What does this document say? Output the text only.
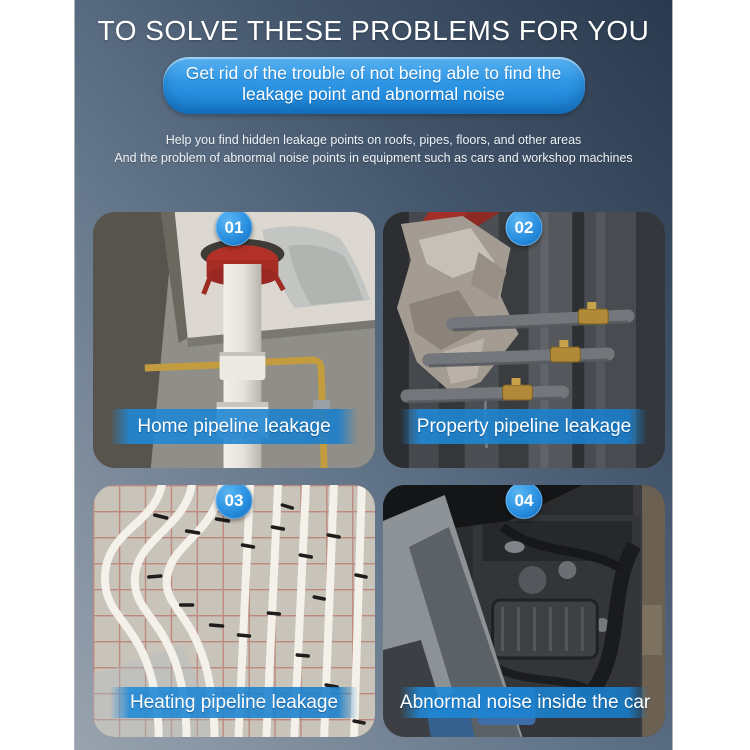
TO SOLVE THESE PROBLEMS FOR YOU
Get rid of the trouble of not being able to find the
leakage point and abnormal noise
Help you find hidden leakage points on roofs, pipes, floors, and other areas
And the problem of abnormal noise points in equipment such as cars and workshop machines
01
Home pipeline leakage
02
Property pipeline leakage
03
Heating pipeline leakage
04
Abnormal noise inside the car
